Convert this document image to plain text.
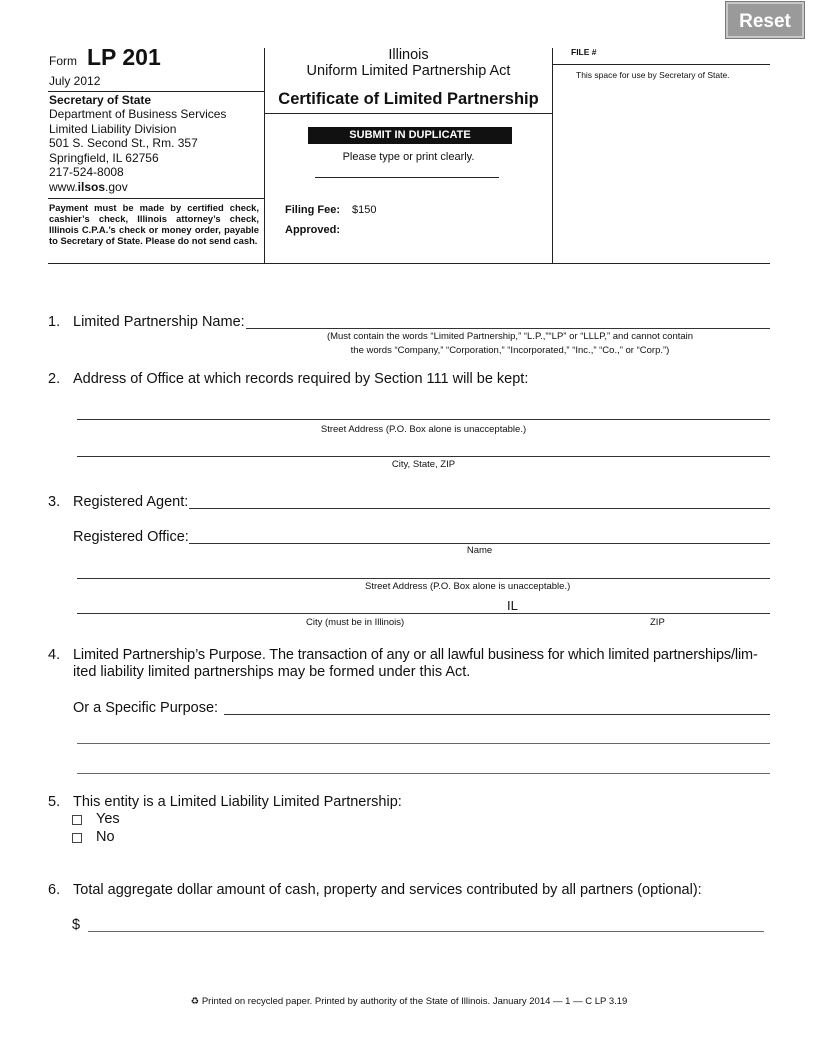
Reset
Form LP 201
July 2012
Secretary of State
Department of Business Services
Limited Liability Division
501 S. Second St., Rm. 357
Springfield, IL 62756
217-524-8008
www.ilsos.gov
Payment must be made by certified check, cashier’s check, Illinois attorney’s check, Illinois C.P.A.’s check or money order, payable to Secretary of State. Please do not send cash.
Illinois
Uniform Limited Partnership Act
Certificate of Limited Partnership
SUBMIT IN DUPLICATE
Please type or print clearly.
Filing Fee: $150
Approved:
FILE #
This space for use by Secretary of State.
1. Limited Partnership Name:
(Must contain the words “Limited Partnership,” “L.P.,”“LP” or “LLLP,” and cannot contain
the words “Company,” “Corporation,” “Incorporated,” “Inc.,” “Co.,” or “Corp.”)
2. Address of Office at which records required by Section 111 will be kept:
Street Address (P.O. Box alone is unacceptable.)
City, State, ZIP
3. Registered Agent:
Registered Office:
Name
Street Address (P.O. Box alone is unacceptable.)
IL
City (must be in Illinois)	ZIP
4. Limited Partnership’s Purpose. The transaction of any or all lawful business for which limited partnerships/lim-
ited liability limited partnerships may be formed under this Act.
Or a Specific Purpose:
5. This entity is a Limited Liability Limited Partnership:
Yes
No
6. Total aggregate dollar amount of cash, property and services contributed by all partners (optional):
$
♻ Printed on recycled paper. Printed by authority of the State of Illinois. January 2014 — 1 — C LP 3.19
